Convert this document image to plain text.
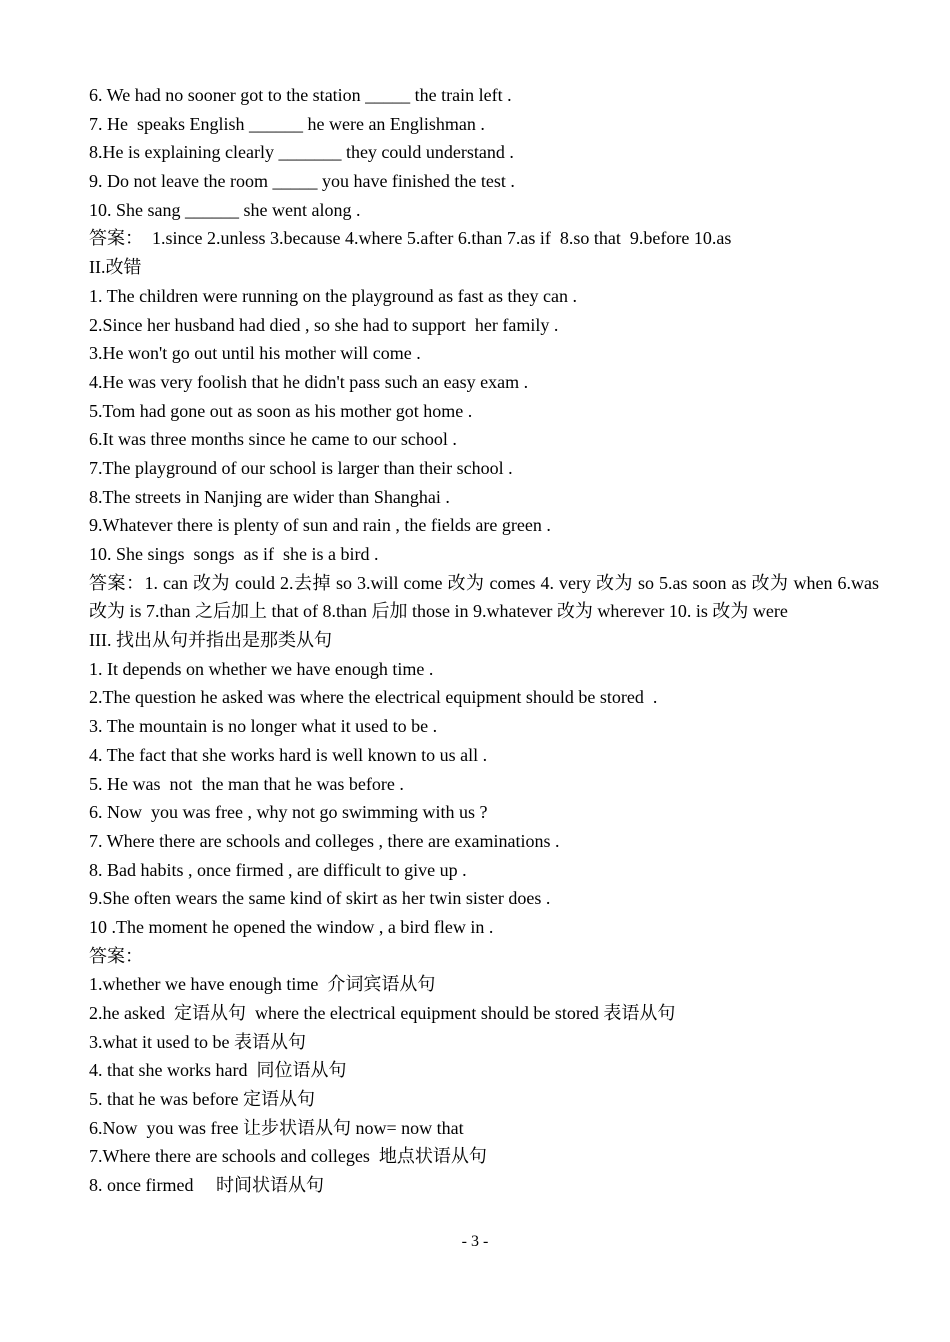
6. We had no sooner got to the station _____ the train left .
7. He  speaks English ______ he were an Englishman .
8.He is explaining clearly _______ they could understand .
9. Do not leave the room _____ you have finished the test .
10. She sang ______ she went along .
答案：  1.since 2.unless 3.because 4.where 5.after 6.than 7.as if  8.so that  9.before 10.as
II.改错
1. The children were running on the playground as fast as they can .
2.Since her husband had died , so she had to support  her family .
3.He won't go out until his mother will come .
4.He was very foolish that he didn't pass such an easy exam .
5.Tom had gone out as soon as his mother got home .
6.It was three months since he came to our school .
7.The playground of our school is larger than their school .
8.The streets in Nanjing are wider than Shanghai .
9.Whatever there is plenty of sun and rain , the fields are green .
10. She sings  songs  as if  she is a bird .
答案：1. can 改为 could 2.去掉 so 3.will come 改为 comes 4. very 改为 so 5.as soon as 改为 when 6.was 改为 is 7.than 之后加上 that of 8.than 后加 those in 9.whatever 改为 wherever 10. is 改为 were
III. 找出从句并指出是那类从句
1. It depends on whether we have enough time .
2.The question he asked was where the electrical equipment should be stored  .
3. The mountain is no longer what it used to be .
4. The fact that she works hard is well known to us all .
5. He was  not  the man that he was before .
6. Now  you was free , why not go swimming with us ?
7. Where there are schools and colleges , there are examinations .
8. Bad habits , once firmed , are difficult to give up .
9.She often wears the same kind of skirt as her twin sister does .
10 .The moment he opened the window , a bird flew in .
答案：
1.whether we have enough time  介词宾语从句
2.he asked  定语从句  where the electrical equipment should be stored 表语从句
3.what it used to be 表语从句
4. that she works hard  同位语从句
5. that he was before 定语从句
6.Now  you was free 让步状语从句 now= now that
7.Where there are schools and colleges  地点状语从句
8. once firmed     时间状语从句
- 3 -
